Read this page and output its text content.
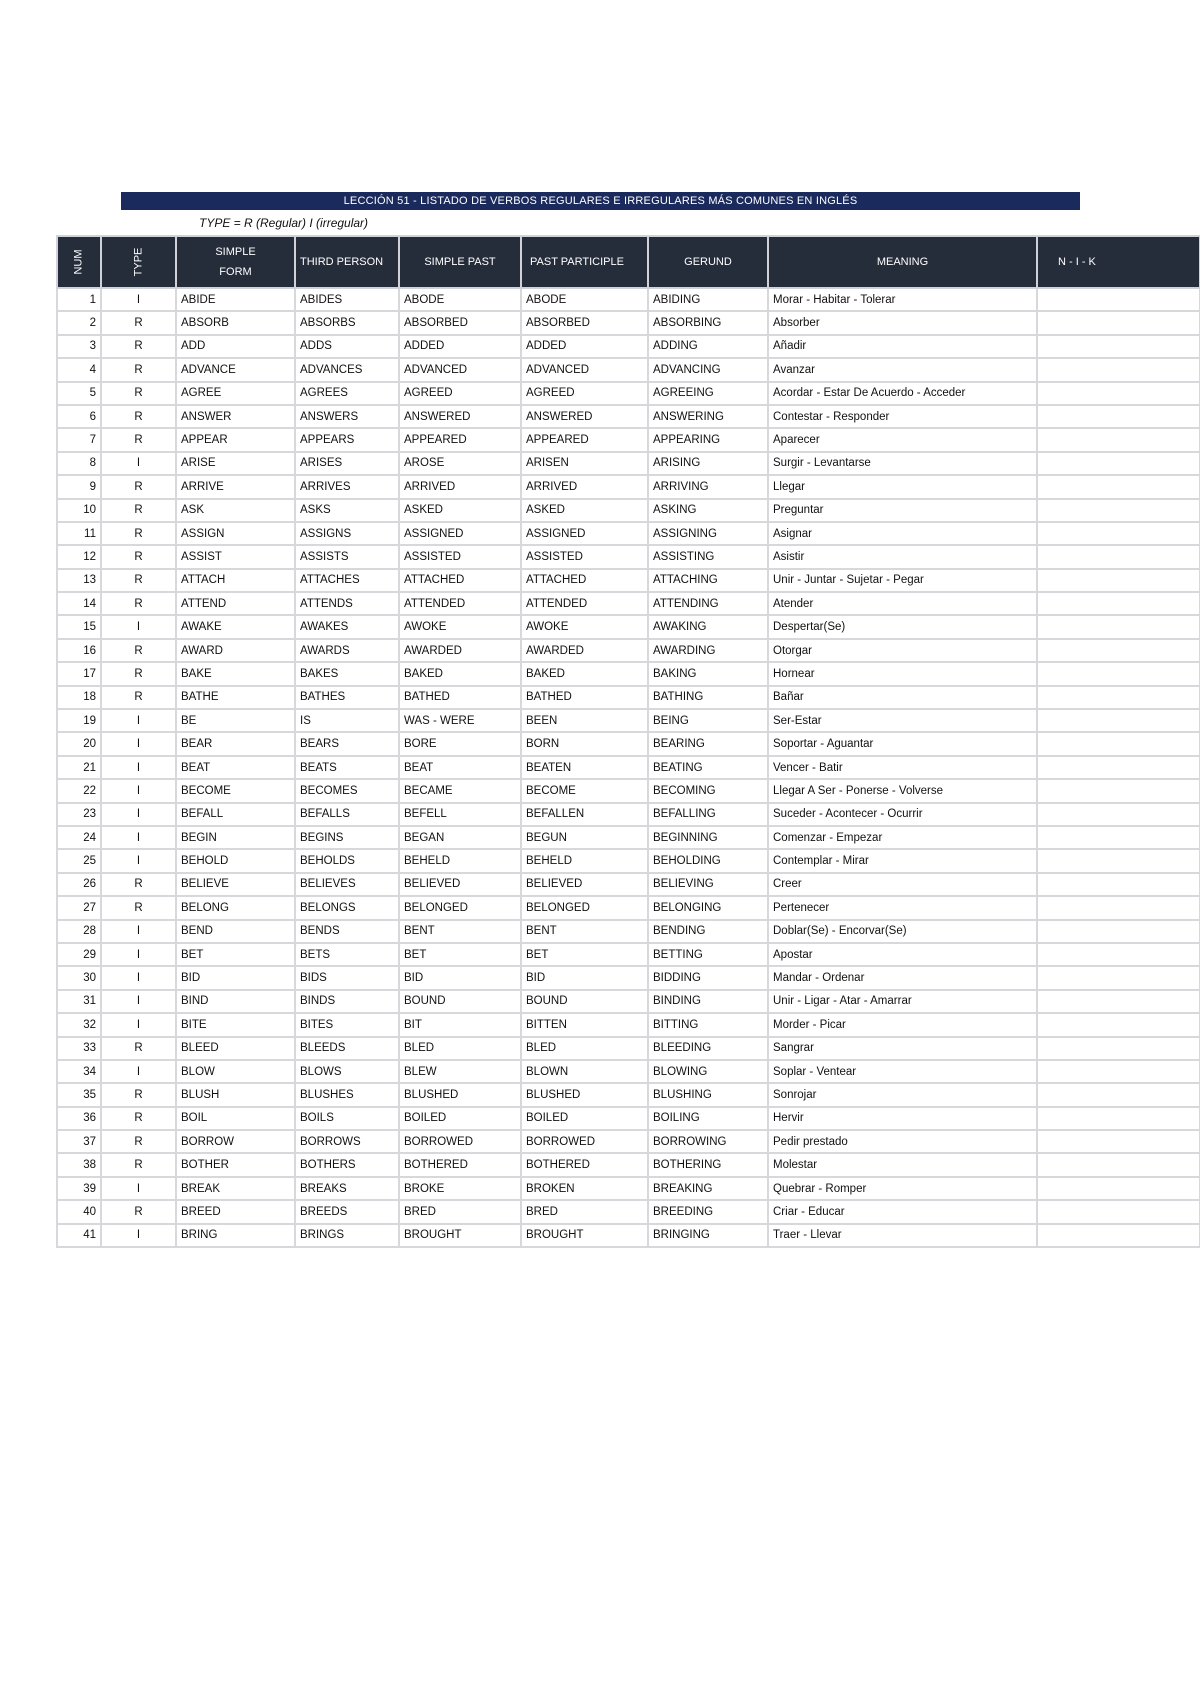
LECCIÓN 51 - LISTADO DE VERBOS REGULARES E IRREGULARES MÁS COMUNES EN INGLÉS
TYPE = R (Regular) I (irregular)
NUM	TYPE	SIMPLE FORM	THIRD PERSON	SIMPLE PAST	PAST PARTICIPLE	GERUND	MEANING	N - I - K
1	I	ABIDE	ABIDES	ABODE	ABODE	ABIDING	Morar - Habitar - Tolerar	
2	R	ABSORB	ABSORBS	ABSORBED	ABSORBED	ABSORBING	Absorber	
3	R	ADD	ADDS	ADDED	ADDED	ADDING	Añadir	
4	R	ADVANCE	ADVANCES	ADVANCED	ADVANCED	ADVANCING	Avanzar	
5	R	AGREE	AGREES	AGREED	AGREED	AGREEING	Acordar - Estar De Acuerdo - Acceder	
6	R	ANSWER	ANSWERS	ANSWERED	ANSWERED	ANSWERING	Contestar - Responder	
7	R	APPEAR	APPEARS	APPEARED	APPEARED	APPEARING	Aparecer	
8	I	ARISE	ARISES	AROSE	ARISEN	ARISING	Surgir - Levantarse	
9	R	ARRIVE	ARRIVES	ARRIVED	ARRIVED	ARRIVING	Llegar	
10	R	ASK	ASKS	ASKED	ASKED	ASKING	Preguntar	
11	R	ASSIGN	ASSIGNS	ASSIGNED	ASSIGNED	ASSIGNING	Asignar	
12	R	ASSIST	ASSISTS	ASSISTED	ASSISTED	ASSISTING	Asistir	
13	R	ATTACH	ATTACHES	ATTACHED	ATTACHED	ATTACHING	Unir - Juntar - Sujetar - Pegar	
14	R	ATTEND	ATTENDS	ATTENDED	ATTENDED	ATTENDING	Atender	
15	I	AWAKE	AWAKES	AWOKE	AWOKE	AWAKING	Despertar(Se)	
16	R	AWARD	AWARDS	AWARDED	AWARDED	AWARDING	Otorgar	
17	R	BAKE	BAKES	BAKED	BAKED	BAKING	Hornear	
18	R	BATHE	BATHES	BATHED	BATHED	BATHING	Bañar	
19	I	BE	IS	WAS - WERE	BEEN	BEING	Ser-Estar	
20	I	BEAR	BEARS	BORE	BORN	BEARING	Soportar - Aguantar	
21	I	BEAT	BEATS	BEAT	BEATEN	BEATING	Vencer - Batir	
22	I	BECOME	BECOMES	BECAME	BECOME	BECOMING	Llegar A Ser - Ponerse - Volverse	
23	I	BEFALL	BEFALLS	BEFELL	BEFALLEN	BEFALLING	Suceder - Acontecer - Ocurrir	
24	I	BEGIN	BEGINS	BEGAN	BEGUN	BEGINNING	Comenzar - Empezar	
25	I	BEHOLD	BEHOLDS	BEHELD	BEHELD	BEHOLDING	Contemplar - Mirar	
26	R	BELIEVE	BELIEVES	BELIEVED	BELIEVED	BELIEVING	Creer	
27	R	BELONG	BELONGS	BELONGED	BELONGED	BELONGING	Pertenecer	
28	I	BEND	BENDS	BENT	BENT	BENDING	Doblar(Se) - Encorvar(Se)	
29	I	BET	BETS	BET	BET	BETTING	Apostar	
30	I	BID	BIDS	BID	BID	BIDDING	Mandar - Ordenar	
31	I	BIND	BINDS	BOUND	BOUND	BINDING	Unir - Ligar - Atar - Amarrar	
32	I	BITE	BITES	BIT	BITTEN	BITTING	Morder - Picar	
33	R	BLEED	BLEEDS	BLED	BLED	BLEEDING	Sangrar	
34	I	BLOW	BLOWS	BLEW	BLOWN	BLOWING	Soplar - Ventear	
35	R	BLUSH	BLUSHES	BLUSHED	BLUSHED	BLUSHING	Sonrojar	
36	R	BOIL	BOILS	BOILED	BOILED	BOILING	Hervir	
37	R	BORROW	BORROWS	BORROWED	BORROWED	BORROWING	Pedir prestado	
38	R	BOTHER	BOTHERS	BOTHERED	BOTHERED	BOTHERING	Molestar	
39	I	BREAK	BREAKS	BROKE	BROKEN	BREAKING	Quebrar - Romper	
40	R	BREED	BREEDS	BRED	BRED	BREEDING	Criar - Educar	
41	I	BRING	BRINGS	BROUGHT	BROUGHT	BRINGING	Traer - Llevar	
